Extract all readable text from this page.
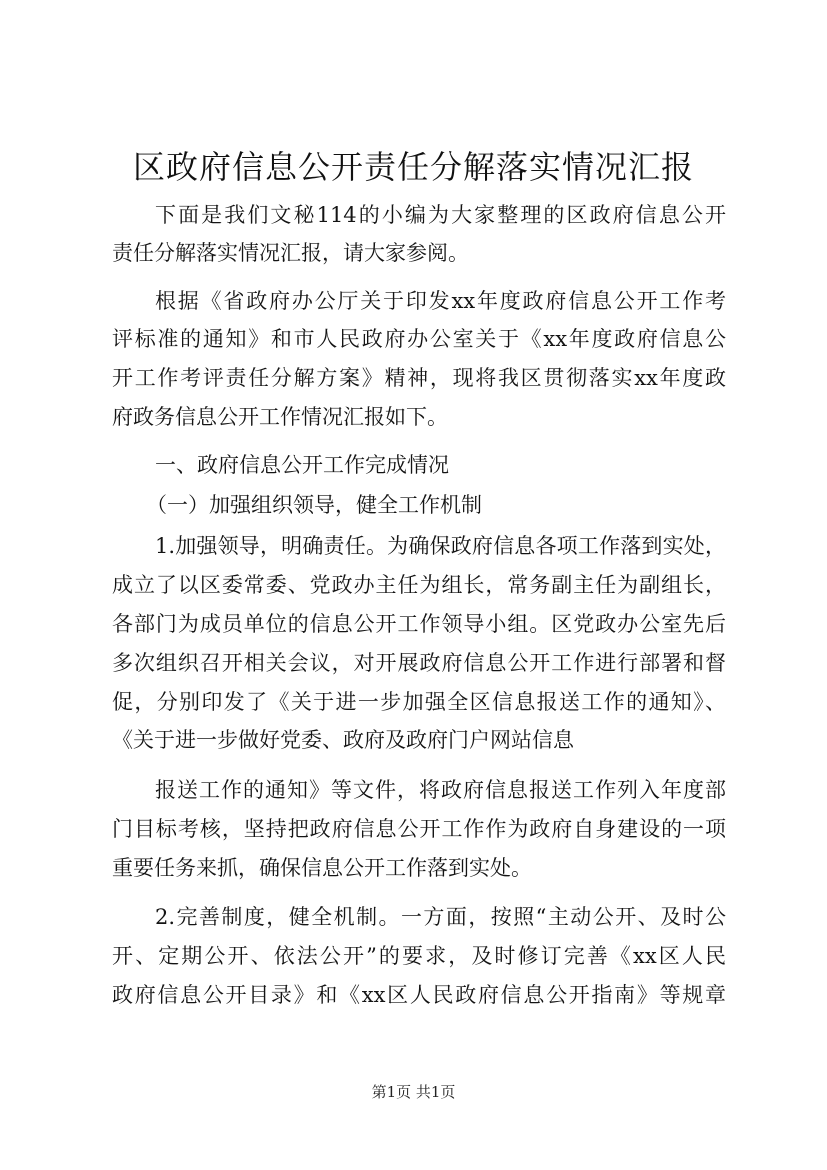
区政府信息公开责任分解落实情况汇报
下面是我们文秘114的小编为大家整理的区政府信息公开
责任分解落实情况汇报，请大家参阅。
根据《省政府办公厅关于印发xx年度政府信息公开工作考
评标准的通知》和市人民政府办公室关于《xx年度政府信息公
开工作考评责任分解方案》精神，现将我区贯彻落实xx年度政
府政务信息公开工作情况汇报如下。
一、政府信息公开工作完成情况
（一）加强组织领导，健全工作机制
1.加强领导，明确责任。为确保政府信息各项工作落到实处，
成立了以区委常委、党政办主任为组长，常务副主任为副组长，
各部门为成员单位的信息公开工作领导小组。区党政办公室先后
多次组织召开相关会议，对开展政府信息公开工作进行部署和督
促，分别印发了《关于进一步加强全区信息报送工作的通知》、
《关于进一步做好党委、政府及政府门户网站信息
报送工作的通知》等文件，将政府信息报送工作列入年度部
门目标考核，坚持把政府信息公开工作作为政府自身建设的一项
重要任务来抓，确保信息公开工作落到实处。
2.完善制度，健全机制。一方面，按照“主动公开、及时公
开、定期公开、依法公开”的要求，及时修订完善《xx区人民
政府信息公开目录》和《xx区人民政府信息公开指南》等规章
第1页 共1页
